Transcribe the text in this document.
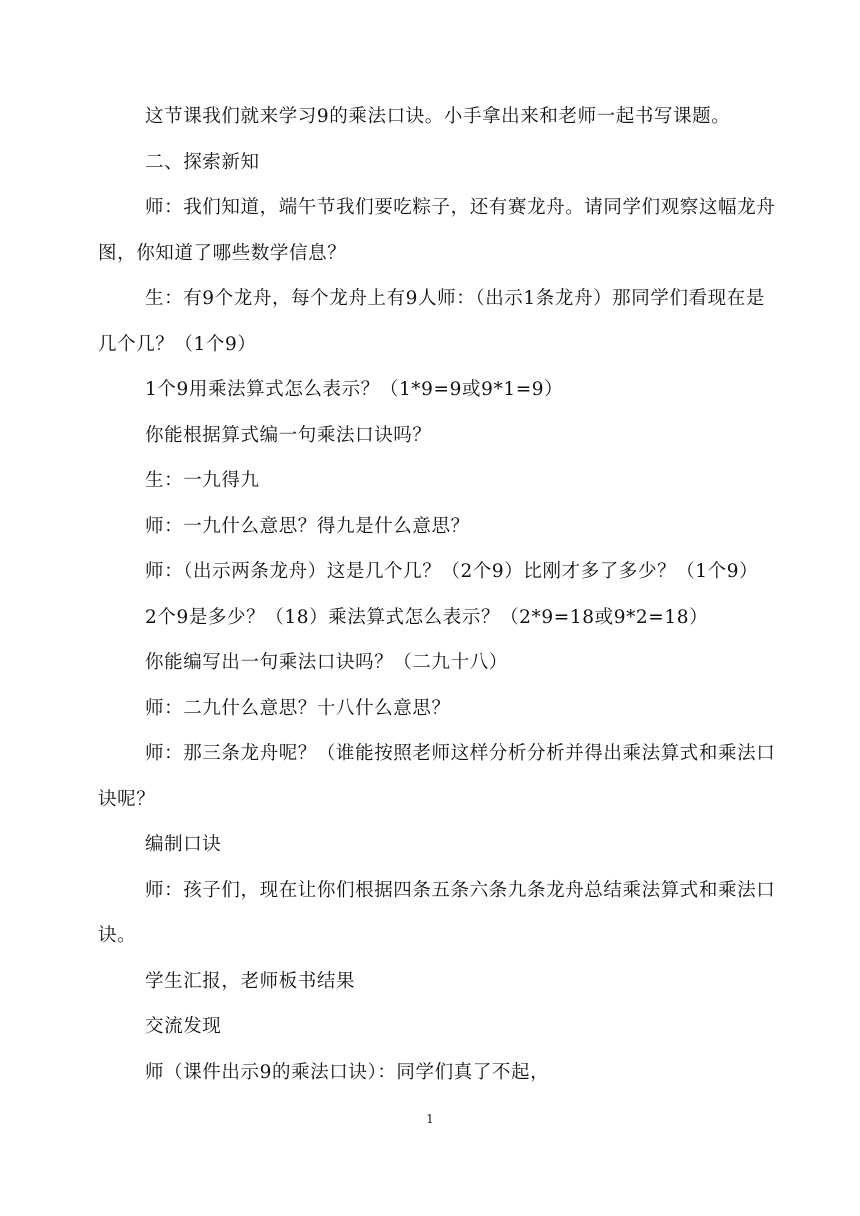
这节课我们就来学习9的乘法口诀。小手拿出来和老师一起书写课题。

二、探索新知

师：我们知道，端午节我们要吃粽子，还有赛龙舟。请同学们观察这幅龙舟图，你知道了哪些数学信息？

生：有9个龙舟，每个龙舟上有9人师：（出示1条龙舟）那同学们看现在是几个几？（1个9）

1个9用乘法算式怎么表示？（1*9=9或9*1=9）

你能根据算式编一句乘法口诀吗？

生：一九得九

师：一九什么意思？得九是什么意思？

师：（出示两条龙舟）这是几个几？（2个9）比刚才多了多少？（1个9）

2个9是多少？（18）乘法算式怎么表示？（2*9=18或9*2=18）

你能编写出一句乘法口诀吗？（二九十八）

师：二九什么意思？十八什么意思？

师：那三条龙舟呢？（谁能按照老师这样分析分析并得出乘法算式和乘法口诀呢？

编制口诀

师：孩子们，现在让你们根据四条五条六条九条龙舟总结乘法算式和乘法口诀。

学生汇报，老师板书结果

交流发现

师（课件出示9的乘法口诀）：同学们真了不起，

1
